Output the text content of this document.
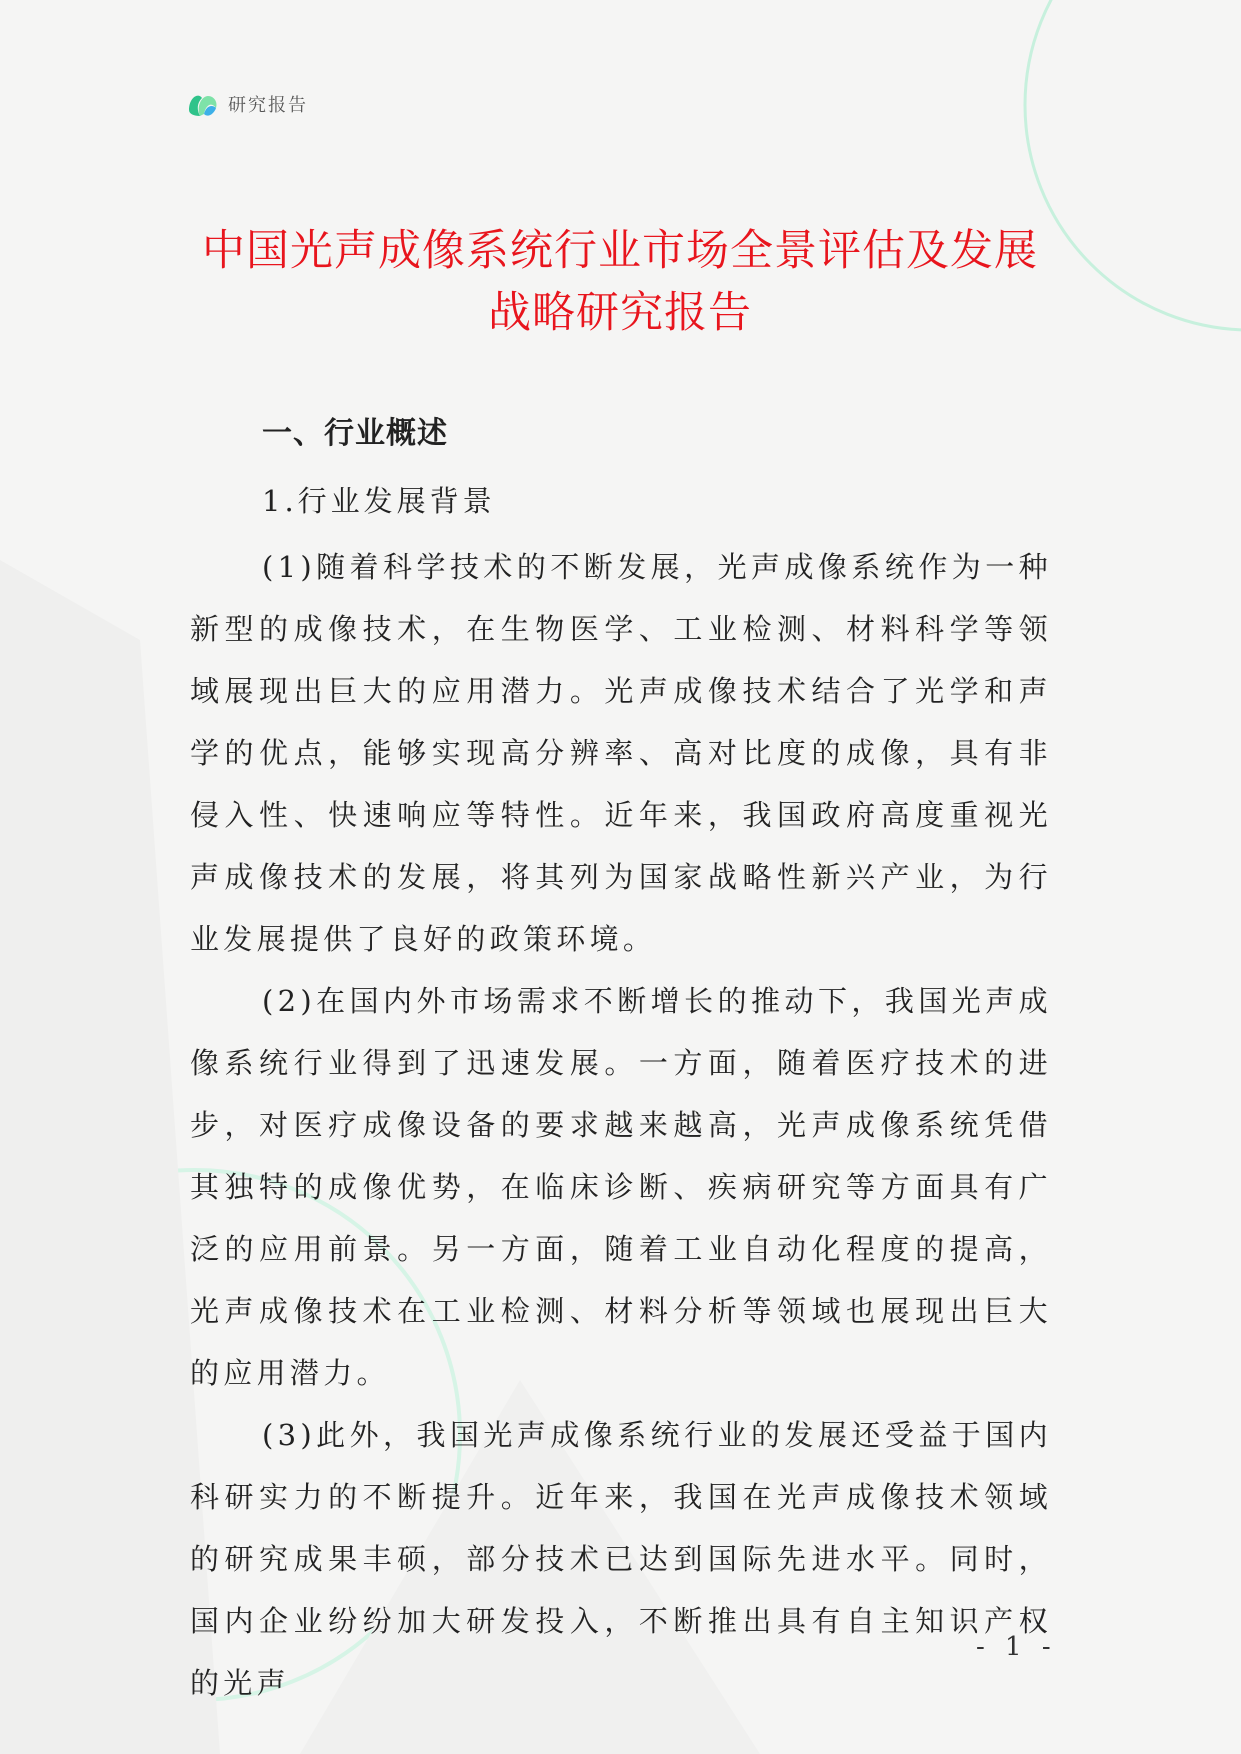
研究报告
中国光声成像系统行业市场全景评估及发展战略研究报告
一、行业概述
1.行业发展背景

(1)随着科学技术的不断发展，光声成像系统作为一种新型的成像技术，在生物医学、工业检测、材料科学等领域展现出巨大的应用潜力。光声成像技术结合了光学和声学的优点，能够实现高分辨率、高对比度的成像，具有非侵入性、快速响应等特性。近年来，我国政府高度重视光声成像技术的发展，将其列为国家战略性新兴产业，为行业发展提供了良好的政策环境。

(2)在国内外市场需求不断增长的推动下，我国光声成像系统行业得到了迅速发展。一方面，随着医疗技术的进步，对医疗成像设备的要求越来越高，光声成像系统凭借其独特的成像优势，在临床诊断、疾病研究等方面具有广泛的应用前景。另一方面，随着工业自动化程度的提高，光声成像技术在工业检测、材料分析等领域也展现出巨大的应用潜力。

(3)此外，我国光声成像系统行业的发展还受益于国内科研实力的不断提升。近年来，我国在光声成像技术领域的研究成果丰硕，部分技术已达到国际先进水平。同时，国内企业纷纷加大研发投入，不断推出具有自主知识产权的光声

- 1 -
